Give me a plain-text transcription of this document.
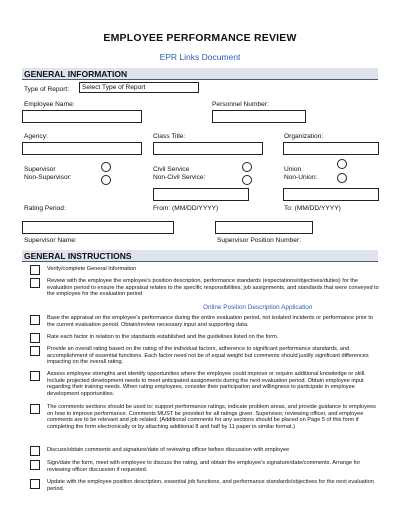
EMPLOYEE PERFORMANCE REVIEW
EPR Links Document
GENERAL INFORMATION
Type of Report:	Select Type of Report
Employee Name:	Personnel Number:
Agency:	Class Title:	Organization:
Supervisor
Non-Supervisor:
Civil Service
Non-Civil Service:
Union
Non-Union:
Rating Period:	From: (MM/DD/YYYY)	To: (MM/DD/YYYY)
Supervisor Name:	Supervisor Position Number:
GENERAL INSTRUCTIONS
Verify/complete General Information
Review with the employee the employee's position description, performance standards (expectations/objectives/duties) for the evaluation period to ensure the appraisal relates to the specific responsibilities, job assignments, and standards that were conveyed to the employee for the evaluation period
Online Position Description Application
Base the appraisal on the employee's performance during the entire evaluation period, not isolated incidents or performance prior to the current evaluation period. Obtain/review necessary input and supporting data.
Rate each factor in relation to the standards established and the guidelines listed on the form.
Provide an overall rating based on the rating of the individual factors, adherence to significant performance standards, and accomplishment of essential functions. Each factor need not be of equal weight but comments should justify significant differences impacting on the overall rating.
Assess employee strengths and identify opportunities where the employee could improve or require additional knowledge or skill. Include projected development needs to meet anticipated assignments during the next evaluation period. Obtain employee input regarding their training needs. When rating employees, consider their participation and willingness to participate in employee development opportunities.
The comments sections should be used to: support performance ratings, indicate problem areas, and provide guidance to employees on how to improve performance. Comments MUST be provided for all ratings given. Supervisor, reviewing officer, and employee comments are to be relevant and job related. (Additional comments for any sections should be placed on Page 5 of this form if completing the form electronically or by attaching additional 8 and half by 11 paper in similar format.)
Discuss/obtain comments and signature/date of reviewing officer before discussion with employee
Sign/date the form, meet with employee to discuss the rating, and obtain the employee's signature/date/comments. Arrange for reviewing officer discussion if requested.
Update with the employee position description, essential job functions, and performance standards/objectives for the next evaluation period.
